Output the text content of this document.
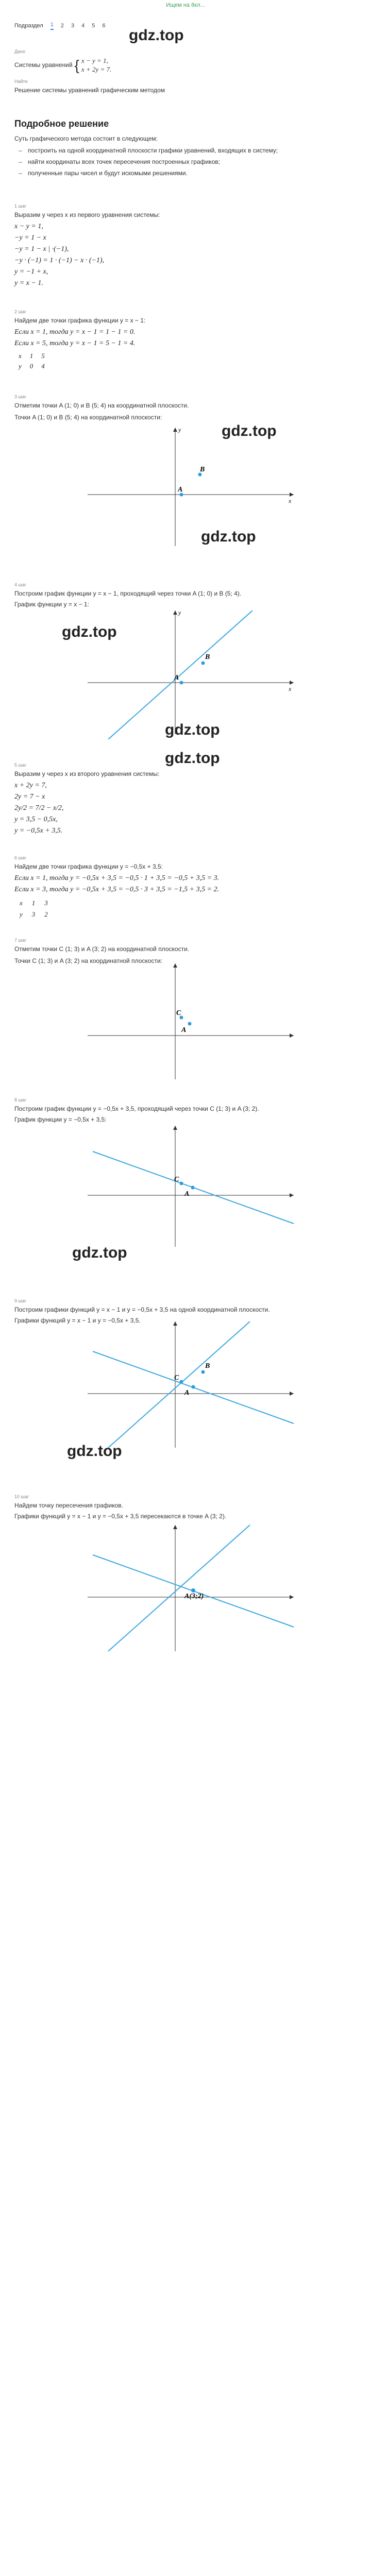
Ищем на 8кл...
Подраздел 1 2 3 4 5 6
gdz.top
Дано
Системы уравнений { x − y = 1,
x + 2y = 7.
Найти
Решение системы уравнений графическим методом
Подробное решение
Суть графического метода состоит в следующем:
– построить на одной координатной плоскости графики уравнений, входящих в систему;
– найти координаты всех точек пересечения построенных графиков;
– полученные пары чисел и будут искомыми решениями.
1 шаг
Выразим у через х из первого уравнения системы:
x − y = 1,
−y = 1 − x
−y = 1 − x | ·(−1),
−y · (−1) = 1 · (−1) − x · (−1),
y = −1 + x,
y = x − 1.
2 шаг
Найдем две точки графика функции y = x − 1:
Если x = 1, тогда y = x − 1 = 1 − 1 = 0.
Если x = 5, тогда y = x − 1 = 5 − 1 = 4.
x	1	5
y	0	4
3 шаг
Отметим точки A (1; 0) и B (5; 4) на координатной плоскости.
Точки A (1; 0) и B (5; 4) на координатной плоскости:
gdz.top
x
y
A
B
gdz.top
4 шаг
Построим график функции y = x − 1, проходящий через точки A (1; 0) и B (5; 4).
График функции y = x − 1:
x
y
A
B
gdz.top
gdz.top
5 шаг
Выразим у через х из второго уравнения системы:
x + 2y = 7,
2y = 7 − x
2y/2 = 7/2 − x/2,
y = 3,5 − 0,5x,
y = −0,5x + 3,5.
gdz.top
6 шаг
Найдем две точки графика функции y = −0,5x + 3,5:
Если x = 1, тогда y = −0,5x + 3,5 = −0,5 · 1 + 3,5 = −0,5 + 3,5 = 3.
Если x = 3, тогда y = −0,5x + 3,5 = −0,5 · 3 + 3,5 = −1,5 + 3,5 = 2.
x	1	3
y	3	2
7 шаг
Отметим точки C (1; 3) и A (3; 2) на координатной плоскости.
Точки C (1; 3) и A (3; 2) на координатной плоскости:
C
A
8 шаг
Построим график функции y = −0,5x + 3,5, проходящий через точки C (1; 3) и A (3; 2).
График функции y = −0,5x + 3,5:
C
A
gdz.top
9 шаг
Построим графики функций y = x − 1 и y = −0,5x + 3,5 на одной координатной плоскости.
Графики функций y = x − 1 и y = −0,5x + 3,5.
B
C
A
gdz.top
10 шаг
Найдем точку пересечения графиков.
Графики функций y = x − 1 и y = −0,5x + 3,5 пересекаются в точке A (3; 2).
A(3;2)
